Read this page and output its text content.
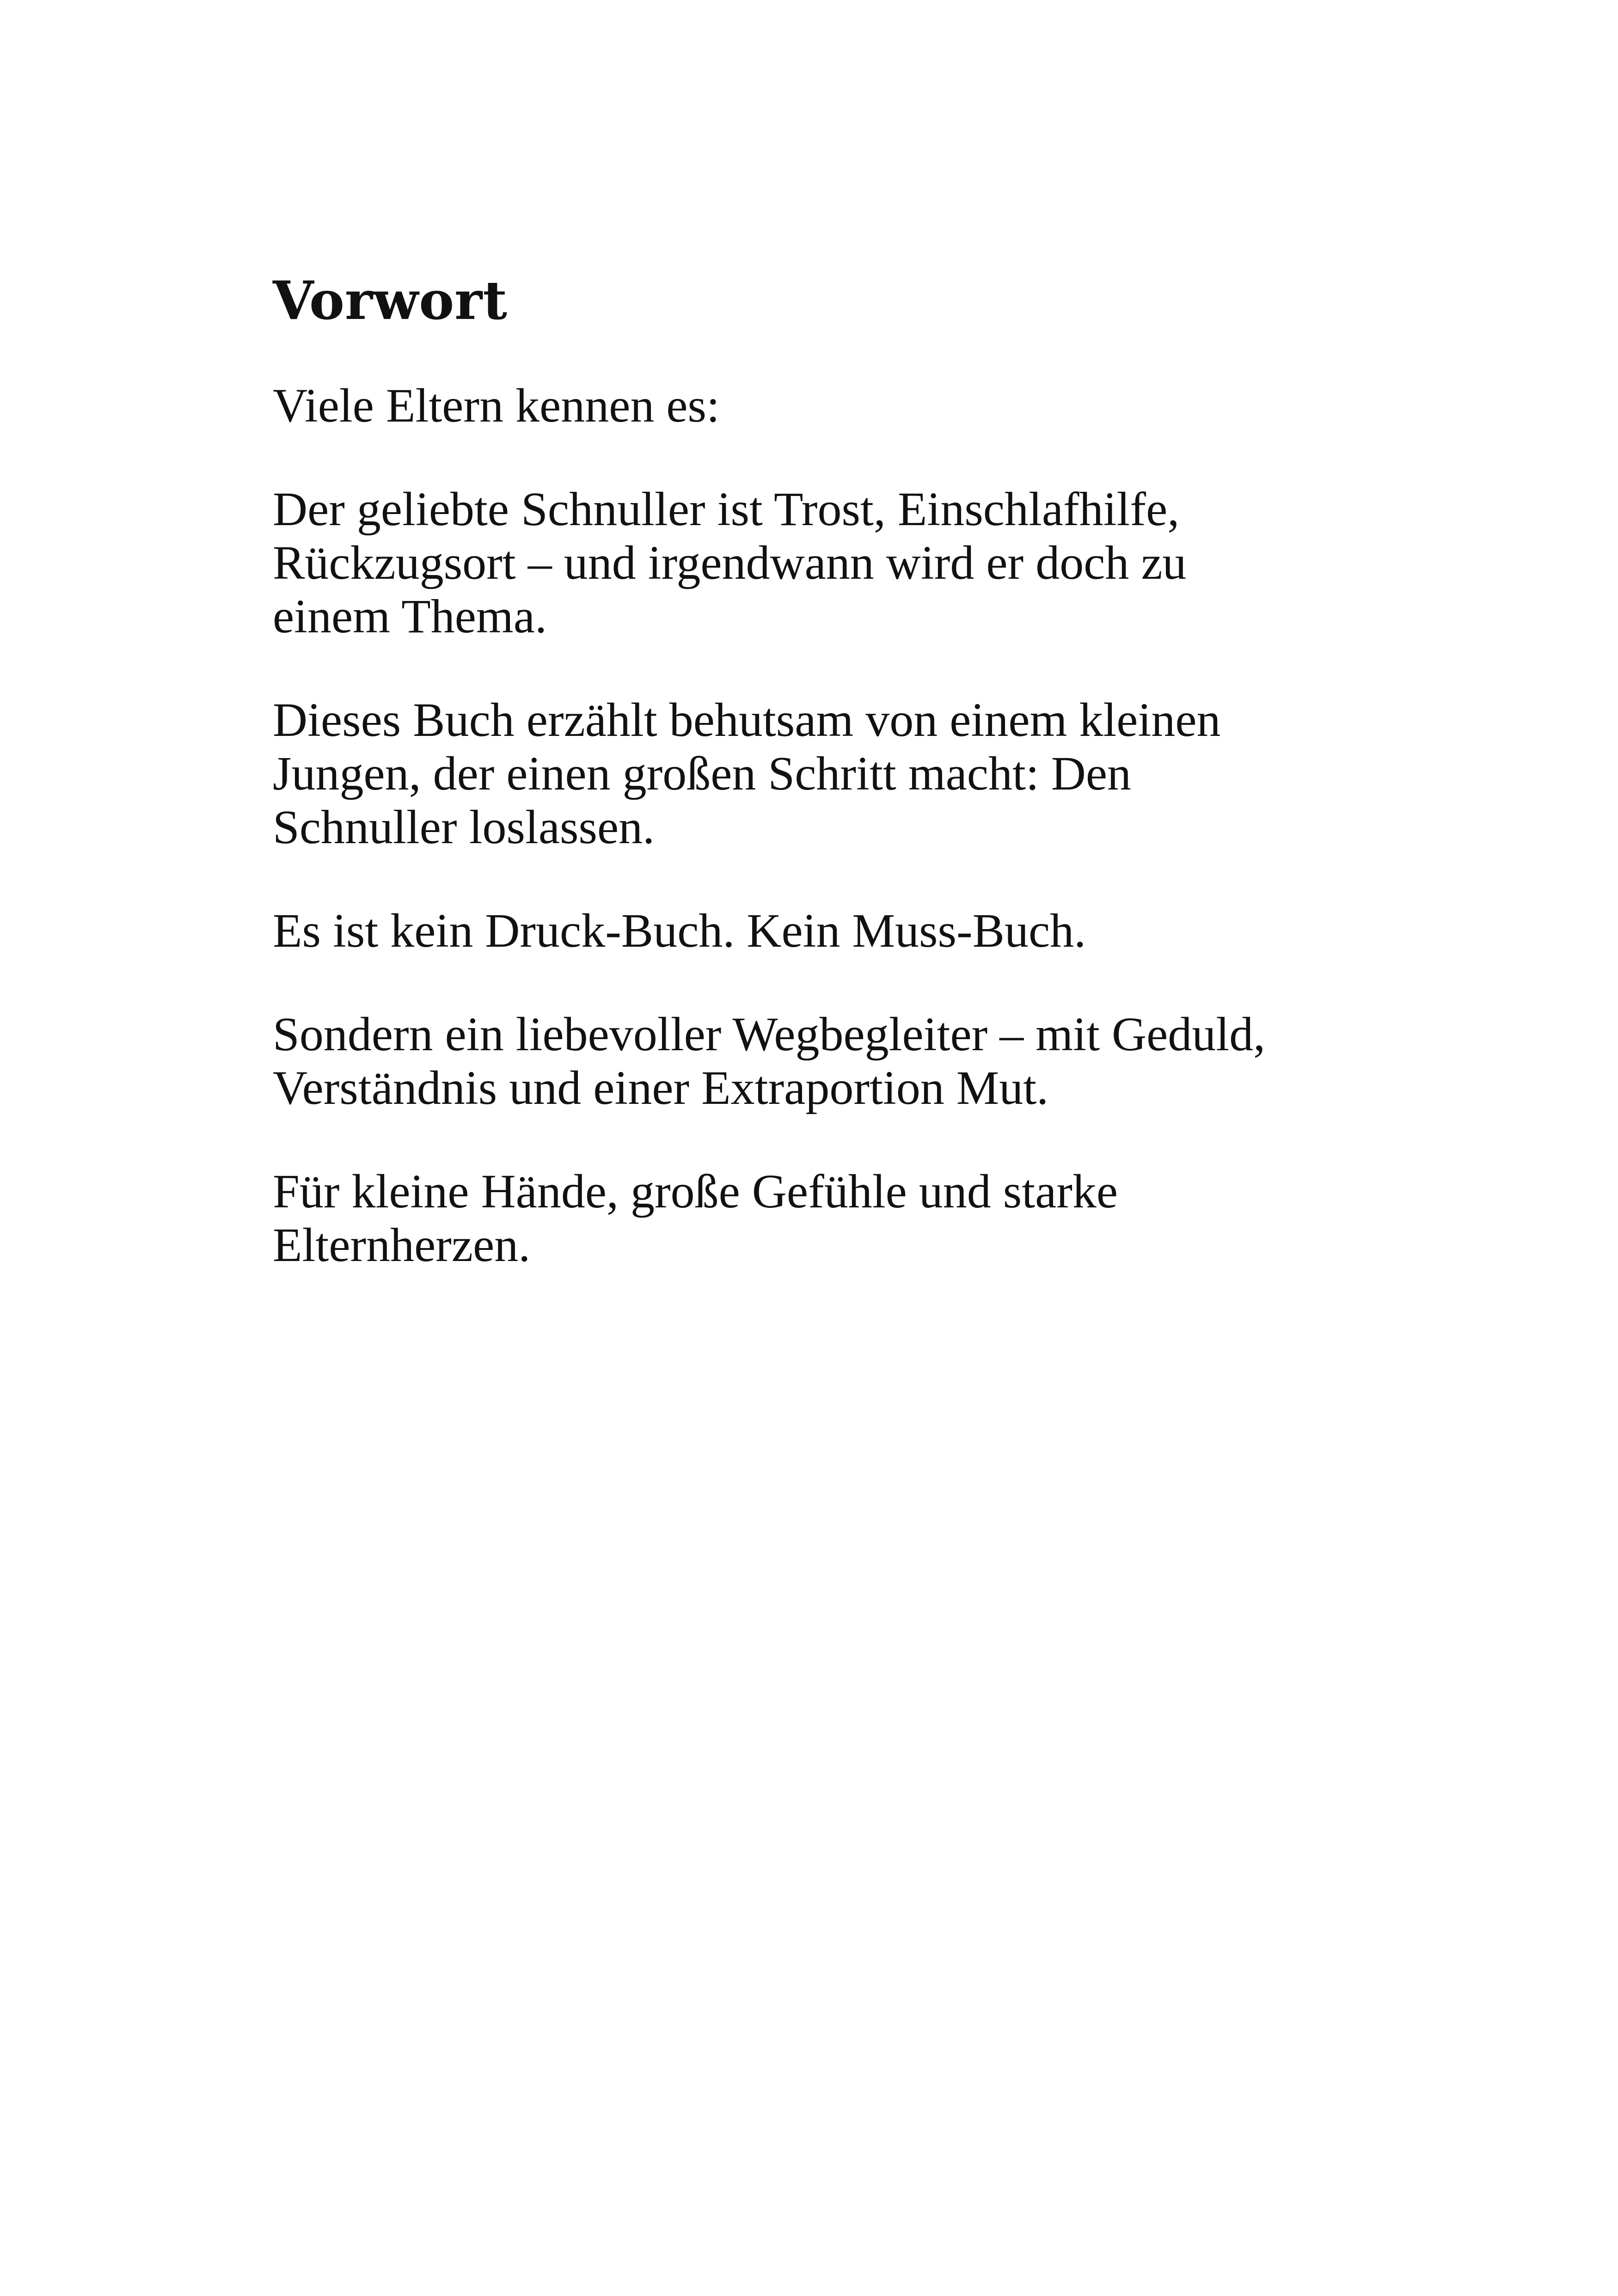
Vorwort

Viele Eltern kennen es:

Der geliebte Schnuller ist Trost, Einschlafhilfe,
Rückzugsort – und irgendwann wird er doch zu
einem Thema.

Dieses Buch erzählt behutsam von einem kleinen
Jungen, der einen großen Schritt macht: Den
Schnuller loslassen.

Es ist kein Druck-Buch. Kein Muss-Buch.

Sondern ein liebevoller Wegbegleiter – mit Geduld,
Verständnis und einer Extraportion Mut.

Für kleine Hände, große Gefühle und starke
Elternherzen.
